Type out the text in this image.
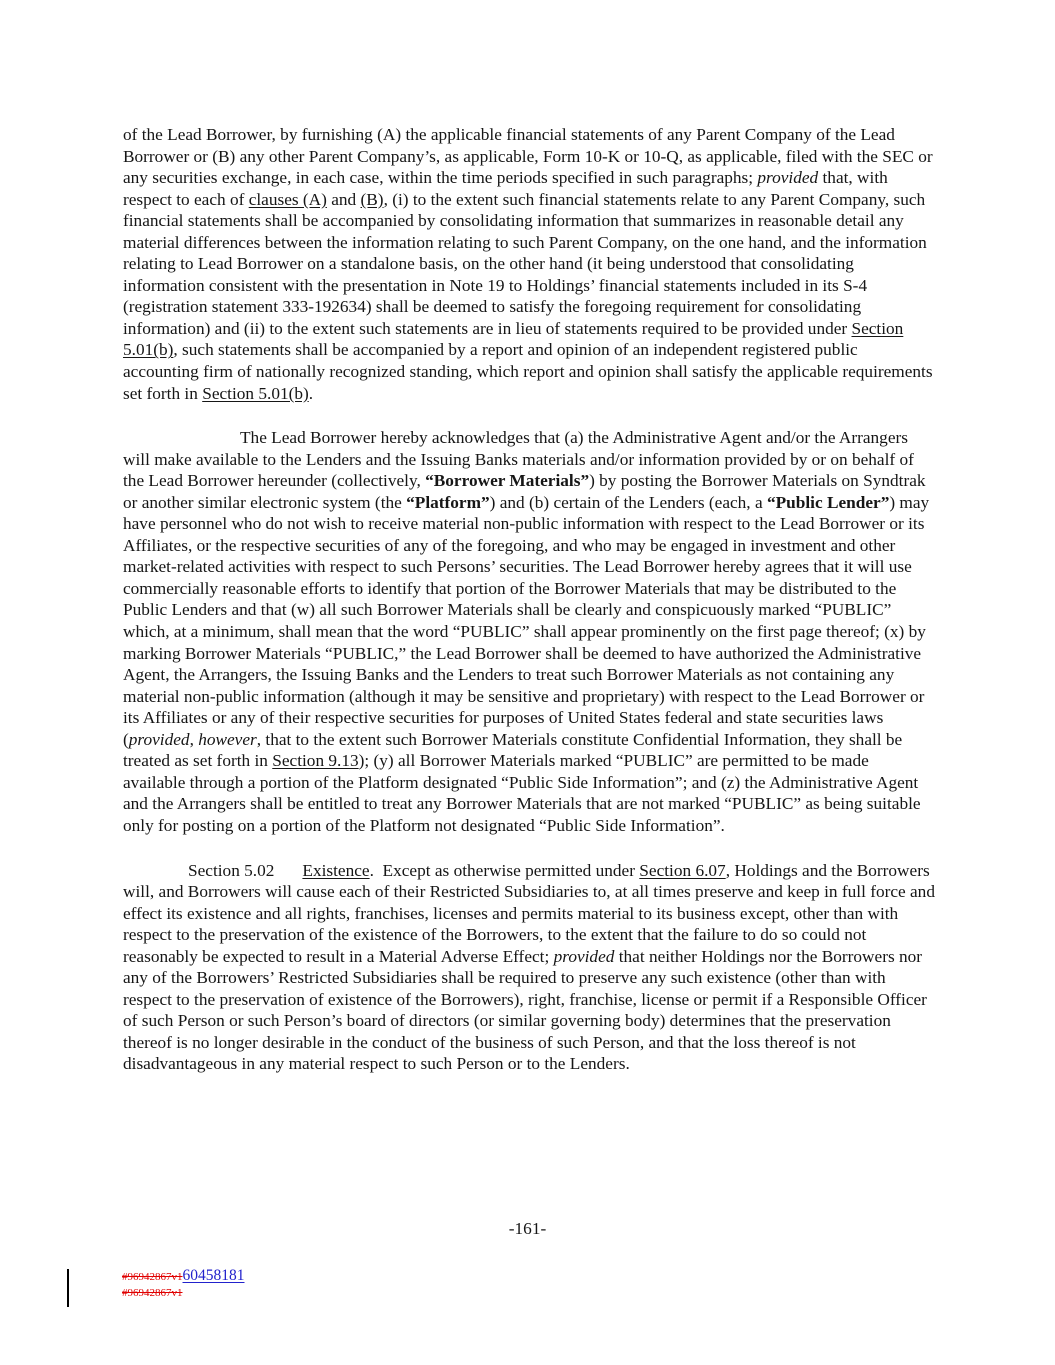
of the Lead Borrower, by furnishing (A) the applicable financial statements of any Parent Company of the Lead Borrower or (B) any other Parent Company’s, as applicable, Form 10-K or 10-Q, as applicable, filed with the SEC or any securities exchange, in each case, within the time periods specified in such paragraphs; provided that, with respect to each of clauses (A) and (B), (i) to the extent such financial statements relate to any Parent Company, such financial statements shall be accompanied by consolidating information that summarizes in reasonable detail any material differences between the information relating to such Parent Company, on the one hand, and the information relating to Lead Borrower on a standalone basis, on the other hand (it being understood that consolidating information consistent with the presentation in Note 19 to Holdings’ financial statements included in its S-4 (registration statement 333-192634) shall be deemed to satisfy the foregoing requirement for consolidating information) and (ii) to the extent such statements are in lieu of statements required to be provided under Section 5.01(b), such statements shall be accompanied by a report and opinion of an independent registered public accounting firm of nationally recognized standing, which report and opinion shall satisfy the applicable requirements set forth in Section 5.01(b).

The Lead Borrower hereby acknowledges that (a) the Administrative Agent and/or the Arrangers will make available to the Lenders and the Issuing Banks materials and/or information provided by or on behalf of the Lead Borrower hereunder (collectively, “Borrower Materials”) by posting the Borrower Materials on Syndtrak or another similar electronic system (the “Platform”) and (b) certain of the Lenders (each, a “Public Lender”) may have personnel who do not wish to receive material non-public information with respect to the Lead Borrower or its Affiliates, or the respective securities of any of the foregoing, and who may be engaged in investment and other market-related activities with respect to such Persons’ securities. The Lead Borrower hereby agrees that it will use commercially reasonable efforts to identify that portion of the Borrower Materials that may be distributed to the Public Lenders and that (w) all such Borrower Materials shall be clearly and conspicuously marked “PUBLIC” which, at a minimum, shall mean that the word “PUBLIC” shall appear prominently on the first page thereof; (x) by marking Borrower Materials “PUBLIC,” the Lead Borrower shall be deemed to have authorized the Administrative Agent, the Arrangers, the Issuing Banks and the Lenders to treat such Borrower Materials as not containing any material non-public information (although it may be sensitive and proprietary) with respect to the Lead Borrower or its Affiliates or any of their respective securities for purposes of United States federal and state securities laws (provided, however, that to the extent such Borrower Materials constitute Confidential Information, they shall be treated as set forth in Section 9.13); (y) all Borrower Materials marked “PUBLIC” are permitted to be made available through a portion of the Platform designated “Public Side Information”; and (z) the Administrative Agent and the Arrangers shall be entitled to treat any Borrower Materials that are not marked “PUBLIC” as being suitable only for posting on a portion of the Platform not designated “Public Side Information”.

Section 5.02 Existence.  Except as otherwise permitted under Section 6.07, Holdings and the Borrowers will, and Borrowers will cause each of their Restricted Subsidiaries to, at all times preserve and keep in full force and effect its existence and all rights, franchises, licenses and permits material to its business except, other than with respect to the preservation of the existence of the Borrowers, to the extent that the failure to do so could not reasonably be expected to result in a Material Adverse Effect; provided that neither Holdings nor the Borrowers nor any of the Borrowers’ Restricted Subsidiaries shall be required to preserve any such existence (other than with respect to the preservation of existence of the Borrowers), right, franchise, license or permit if a Responsible Officer of such Person or such Person’s board of directors (or similar governing body) determines that the preservation thereof is no longer desirable in the conduct of the business of such Person, and that the loss thereof is not disadvantageous in any material respect to such Person or to the Lenders.

-161-
#96942867v160458181
#96942867v1
